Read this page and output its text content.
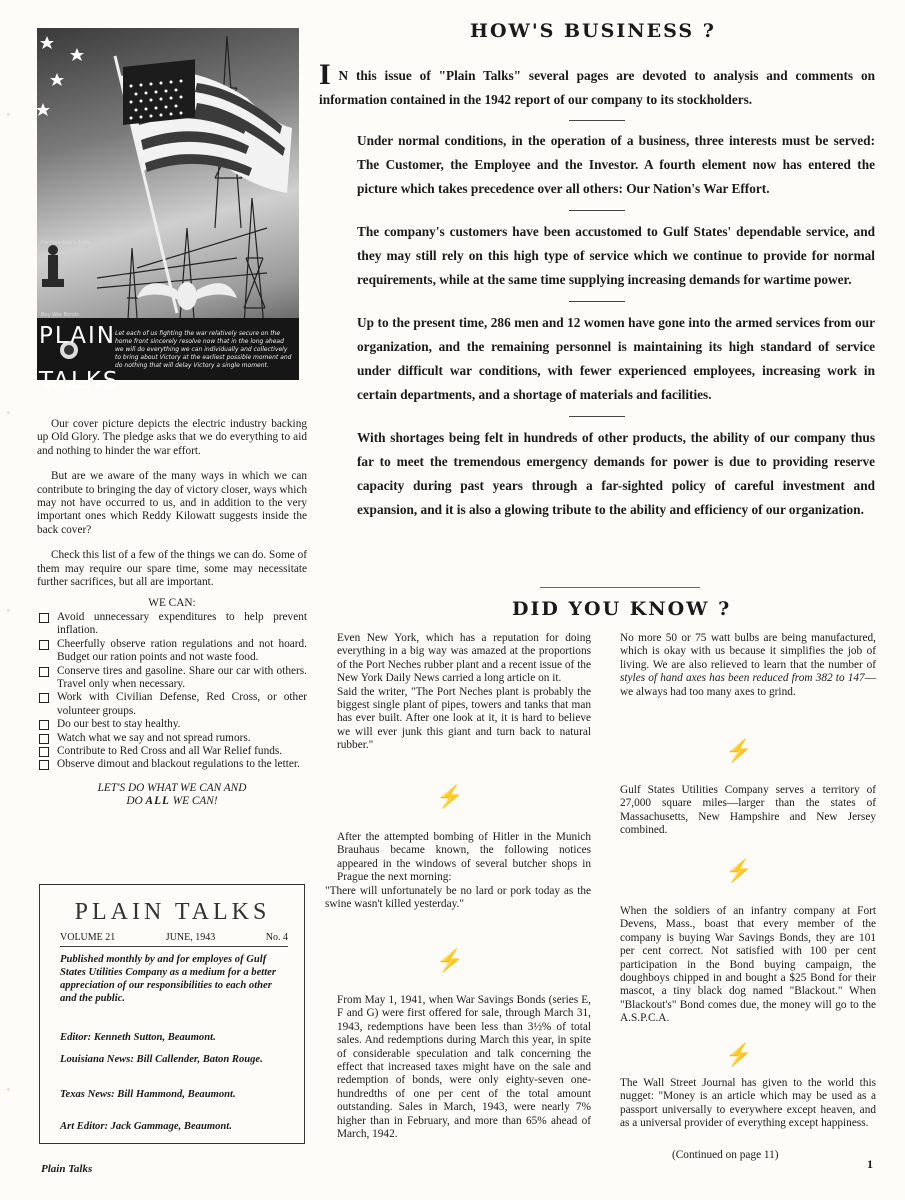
◦
◦
◦
◦
For Freedom's Sake
Buy War Bonds
PLAIN
TALKS
Let each of us fighting the war relatively secure on the home front sincerely resolve now that in the long ahead we will do everything we can individually and collectively to bring about Victory at the earliest possible moment and do nothing that will delay Victory a single moment.

Our cover picture depicts the electric industry backing up Old Glory. The pledge asks that we do everything to aid and nothing to hinder the war effort.

But are we aware of the many ways in which we can contribute to bringing the day of victory closer, ways which may not have occurred to us, and in addition to the very important ones which Reddy Kilowatt suggests inside the back cover?

Check this list of a few of the things we can do. Some of them may require our spare time, some may necessitate further sacrifices, but all are important.

WE CAN:
Avoid unnecessary expenditures to help prevent inflation.
Cheerfully observe ration regulations and not hoard. Budget our ration points and not waste food.
Conserve tires and gasoline. Share our car with others. Travel only when necessary.
Work with Civilian Defense, Red Cross, or other volunteer groups.
Do our best to stay healthy.
Watch what we say and not spread rumors.
Contribute to Red Cross and all War Relief funds.
Observe dimout and blackout regulations to the letter.
LET'S DO WHAT WE CAN AND
DO ALL WE CAN!
PLAIN TALKS
VOLUME 21	JUNE, 1943	No. 4
Published monthly by and for employes of Gulf States Utilities Company as a medium for a better appreciation of our responsibilities to each other and the public.
Editor: Kenneth Sutton, Beaumont.
Louisiana News: Bill Callender, Baton Rouge.
Texas News: Bill Hammond, Beaumont.
Art Editor: Jack Gammage, Beaumont.
Plain Talks	1
HOW'S BUSINESS ?

I N this issue of "Plain Talks" several pages are devoted to analysis and comments on information contained in the 1942 report of our company to its stockholders.

Under normal conditions, in the operation of a business, three interests must be served: The Customer, the Employee and the Investor. A fourth element now has entered the picture which takes precedence over all others: Our Nation's War Effort.

The company's customers have been accustomed to Gulf States' dependable service, and they may still rely on this high type of service which we continue to provide for normal requirements, while at the same time supplying increasing demands for wartime power.

Up to the present time, 286 men and 12 women have gone into the armed services from our organization, and the remaining personnel is maintaining its high standard of service under difficult war conditions, with fewer experienced employees, increasing work in certain departments, and a shortage of materials and facilities.

With shortages being felt in hundreds of other products, the ability of our company thus far to meet the tremendous emergency demands for power is due to providing reserve capacity during past years through a far-sighted policy of careful investment and expansion, and it is also a glowing tribute to the ability and efficiency of our organization.

DID YOU KNOW ?

Even New York, which has a reputation for doing everything in a big way was amazed at the proportions of the Port Neches rubber plant and a recent issue of the New York Daily News carried a long article on it.

Said the writer, "The Port Neches plant is probably the biggest single plant of pipes, towers and tanks that man has ever built. After one look at it, it is hard to believe we will ever junk this giant and turn back to natural rubber."

⚡

After the attempted bombing of Hitler in the Munich Brauhaus became known, the following notices appeared in the windows of several butcher shops in Prague the next morning:

"There will unfortunately be no lard or pork today as the swine wasn't killed yesterday."

⚡

From May 1, 1941, when War Savings Bonds (series E, F and G) were first offered for sale, through March 31, 1943, redemptions have been less than 3½% of total sales. And redemptions during March this year, in spite of considerable speculation and talk concerning the effect that increased taxes might have on the sale and redemption of bonds, were only eighty-seven one-hundredths of one per cent of the total amount outstanding. Sales in March, 1943, were nearly 7% higher than in February, and more than 65% ahead of March, 1942.

No more 50 or 75 watt bulbs are being manufactured, which is okay with us because it simplifies the job of living. We are also relieved to learn that the number of styles of hand axes has been reduced from 382 to 147—we always had too many axes to grind.

⚡

Gulf States Utilities Company serves a territory of 27,000 square miles—larger than the states of Massachusetts, New Hampshire and New Jersey combined.

⚡

When the soldiers of an infantry company at Fort Devens, Mass., boast that every member of the company is buying War Savings Bonds, they are 101 per cent correct. Not satisfied with 100 per cent participation in the Bond buying campaign, the doughboys chipped in and bought a $25 Bond for their mascot, a tiny black dog named "Blackout." When "Blackout's" Bond comes due, the money will go to the A.S.P.C.A.

⚡

The Wall Street Journal has given to the world this nugget: "Money is an article which may be used as a passport universally to everywhere except heaven, and as a universal provider of everything except happiness.

(Continued on page 11)
